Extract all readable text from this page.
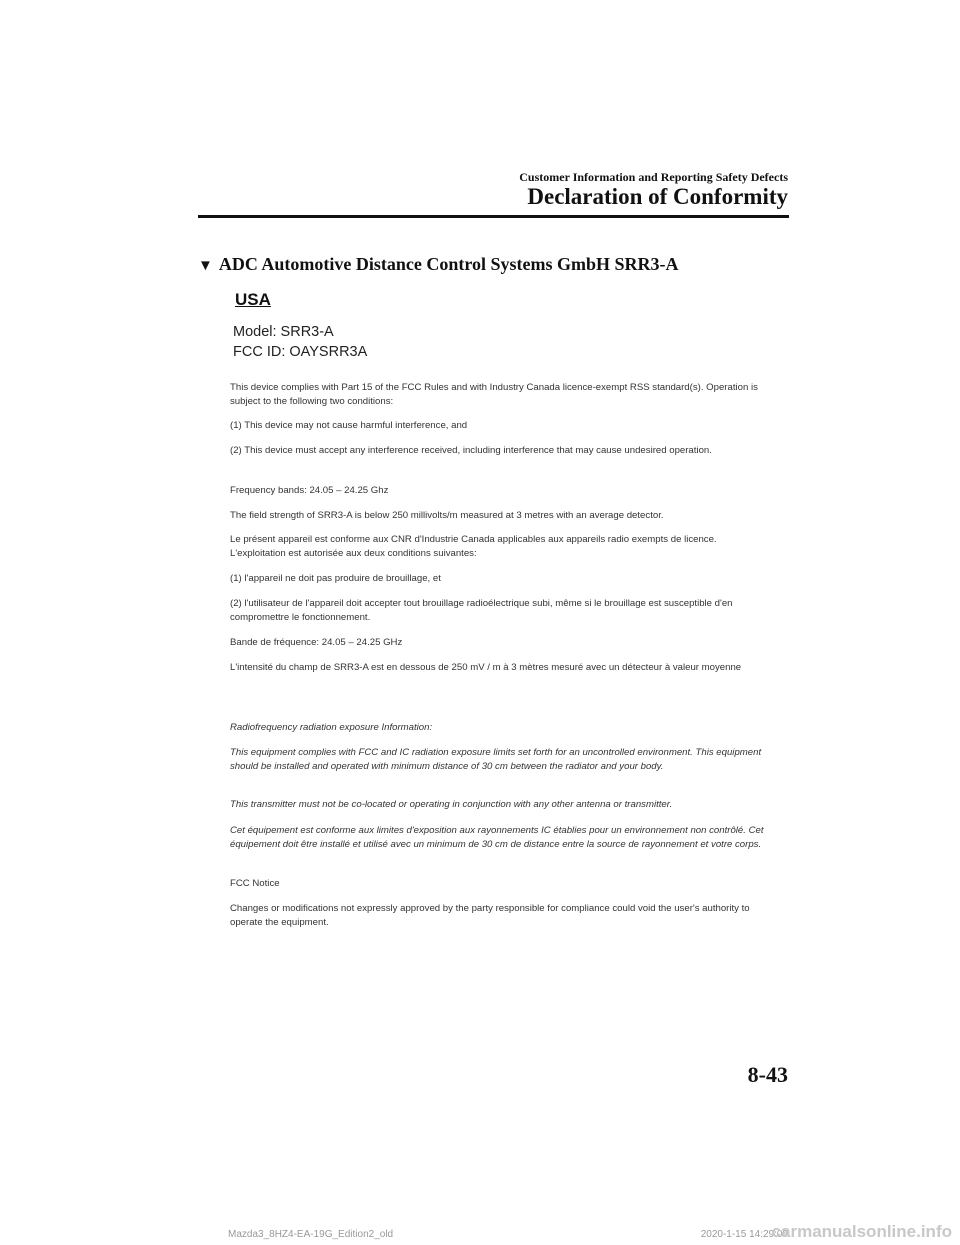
Customer Information and Reporting Safety Defects
Declaration of Conformity
▼ ADC Automotive Distance Control Systems GmbH SRR3-A
USA
Model: SRR3-A
FCC ID: OAYSRR3A
This device complies with Part 15 of the FCC Rules and with Industry Canada licence-exempt RSS standard(s). Operation is subject to the following two conditions:
(1) This device may not cause harmful interference, and
(2) This device must accept any interference received, including interference that may cause undesired operation.
Frequency bands: 24.05 – 24.25 Ghz
The field strength of SRR3-A is below 250 millivolts/m measured at 3 metres with an average detector.
Le présent appareil est conforme aux CNR d'Industrie Canada applicables aux appareils radio exempts de licence. L'exploitation est autorisée aux deux conditions suivantes:
(1) l'appareil ne doit pas produire de brouillage, et
(2) l'utilisateur de l'appareil doit accepter tout brouillage radioélectrique subi, même si le brouillage est susceptible d'en compromettre le fonctionnement.
Bande de fréquence: 24.05 – 24.25 GHz
L'intensité du champ de SRR3-A est en dessous de 250 mV / m à 3 mètres mesuré avec un détecteur à valeur moyenne
Radiofrequency radiation exposure Information:
This equipment complies with FCC and IC radiation exposure limits set forth for an uncontrolled environment. This equipment should be installed and operated with minimum distance of 30 cm between the radiator and your body.
This transmitter must not be co-located or operating in conjunction with any other antenna or transmitter.
Cet équipement est conforme aux limites d'exposition aux rayonnements IC établies pour un environnement non contrôlé. Cet équipement doit être installé et utilisé avec un minimum de 30 cm de distance entre la source de rayonnement et votre corps.
FCC Notice
Changes or modifications not expressly approved by the party responsible for compliance could void the user's authority to operate the equipment.
8-43
Mazda3_8HZ4-EA-19G_Edition2_old	2020-1-15 14:29:09
carmanualsonline.info
